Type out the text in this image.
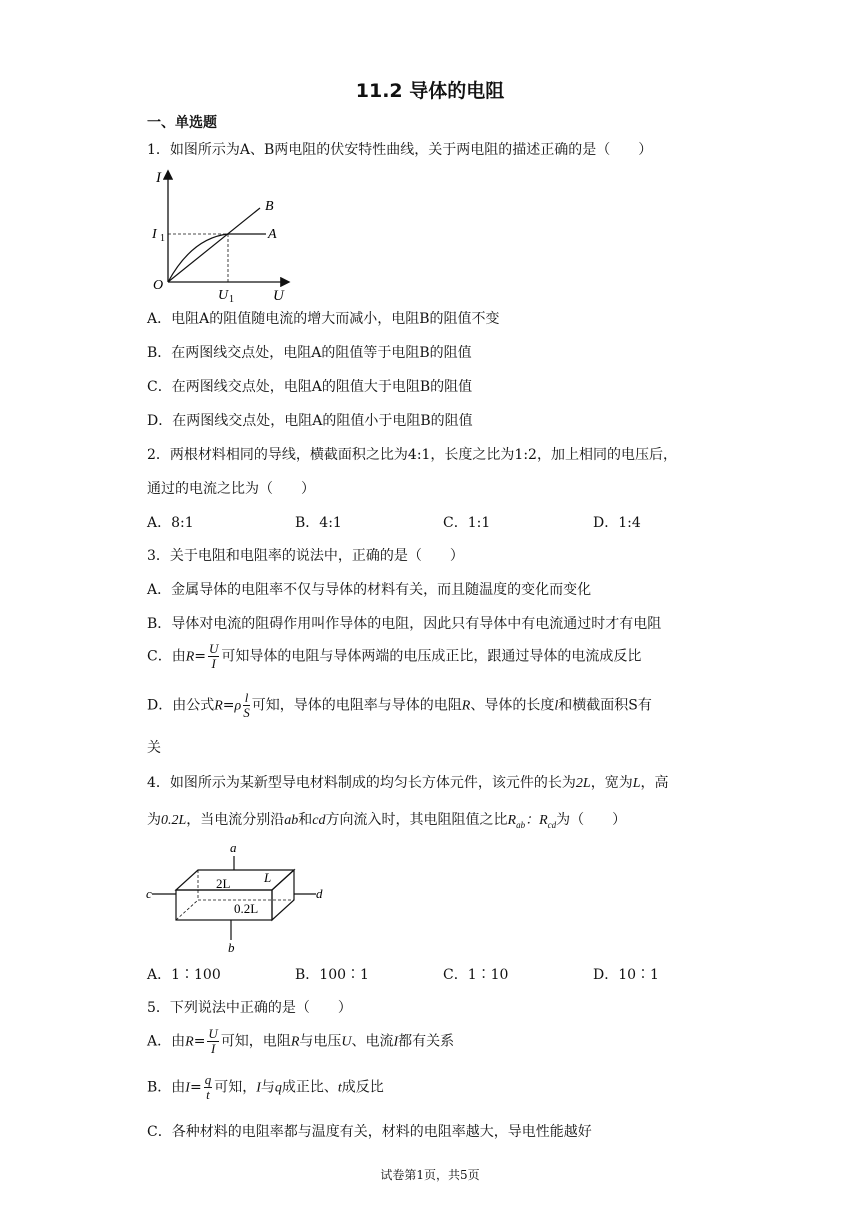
11.2 导体的电阻
一、单选题
1．如图所示为A、B两电阻的伏安特性曲线，关于两电阻的描述正确的是（　　）
I
U
O
B
A
I 1
U 1
A．电阻A的阻值随电流的增大而减小，电阻B的阻值不变
B．在两图线交点处，电阻A的阻值等于电阻B的阻值
C．在两图线交点处，电阻A的阻值大于电阻B的阻值
D．在两图线交点处，电阻A的阻值小于电阻B的阻值
2．两根材料相同的导线，横截面积之比为4:1，长度之比为1:2，加上相同的电压后，
通过的电流之比为（　　）
A．8:1	B．4:1	C．1:1	D．1:4
3．关于电阻和电阻率的说法中，正确的是（　　）
A．金属导体的电阻率不仅与导体的材料有关，而且随温度的变化而变化
B．导体对电流的阻碍作用叫作导体的电阻，因此只有导体中有电流通过时才有电阻
C．由$R= \frac{U}{I}$ 可知导体的电阻与导体两端的电压成正比，跟通过导体的电流成反比
D．由公式$R=\rho \frac{l}{S}$ 可知，导体的电阻率与导体的电阻R、导体的长度l和横截面积S有
关
4．如图所示为某新型导电材料制成的均匀长方体元件，该元件的长为2L，宽为L，高
为0.2L，当电流分别沿ab和cd方向流入时，其电阻阻值之比$R_{ab}$：$R_{cd}$为（　　）
a
b
c	d
2L	L
0.2L
A．1∶100	B．100∶1	C．1∶10	D．10∶1
5．下列说法中正确的是（　　）
A．由$R= \frac{U}{I}$ 可知，电阻R与电压U、电流I都有关系
B．由$I= \frac{q}{t}$ 可知，I与q成正比、t成反比
C．各种材料的电阻率都与温度有关，材料的电阻率越大，导电性能越好
试卷第1页，共5页
